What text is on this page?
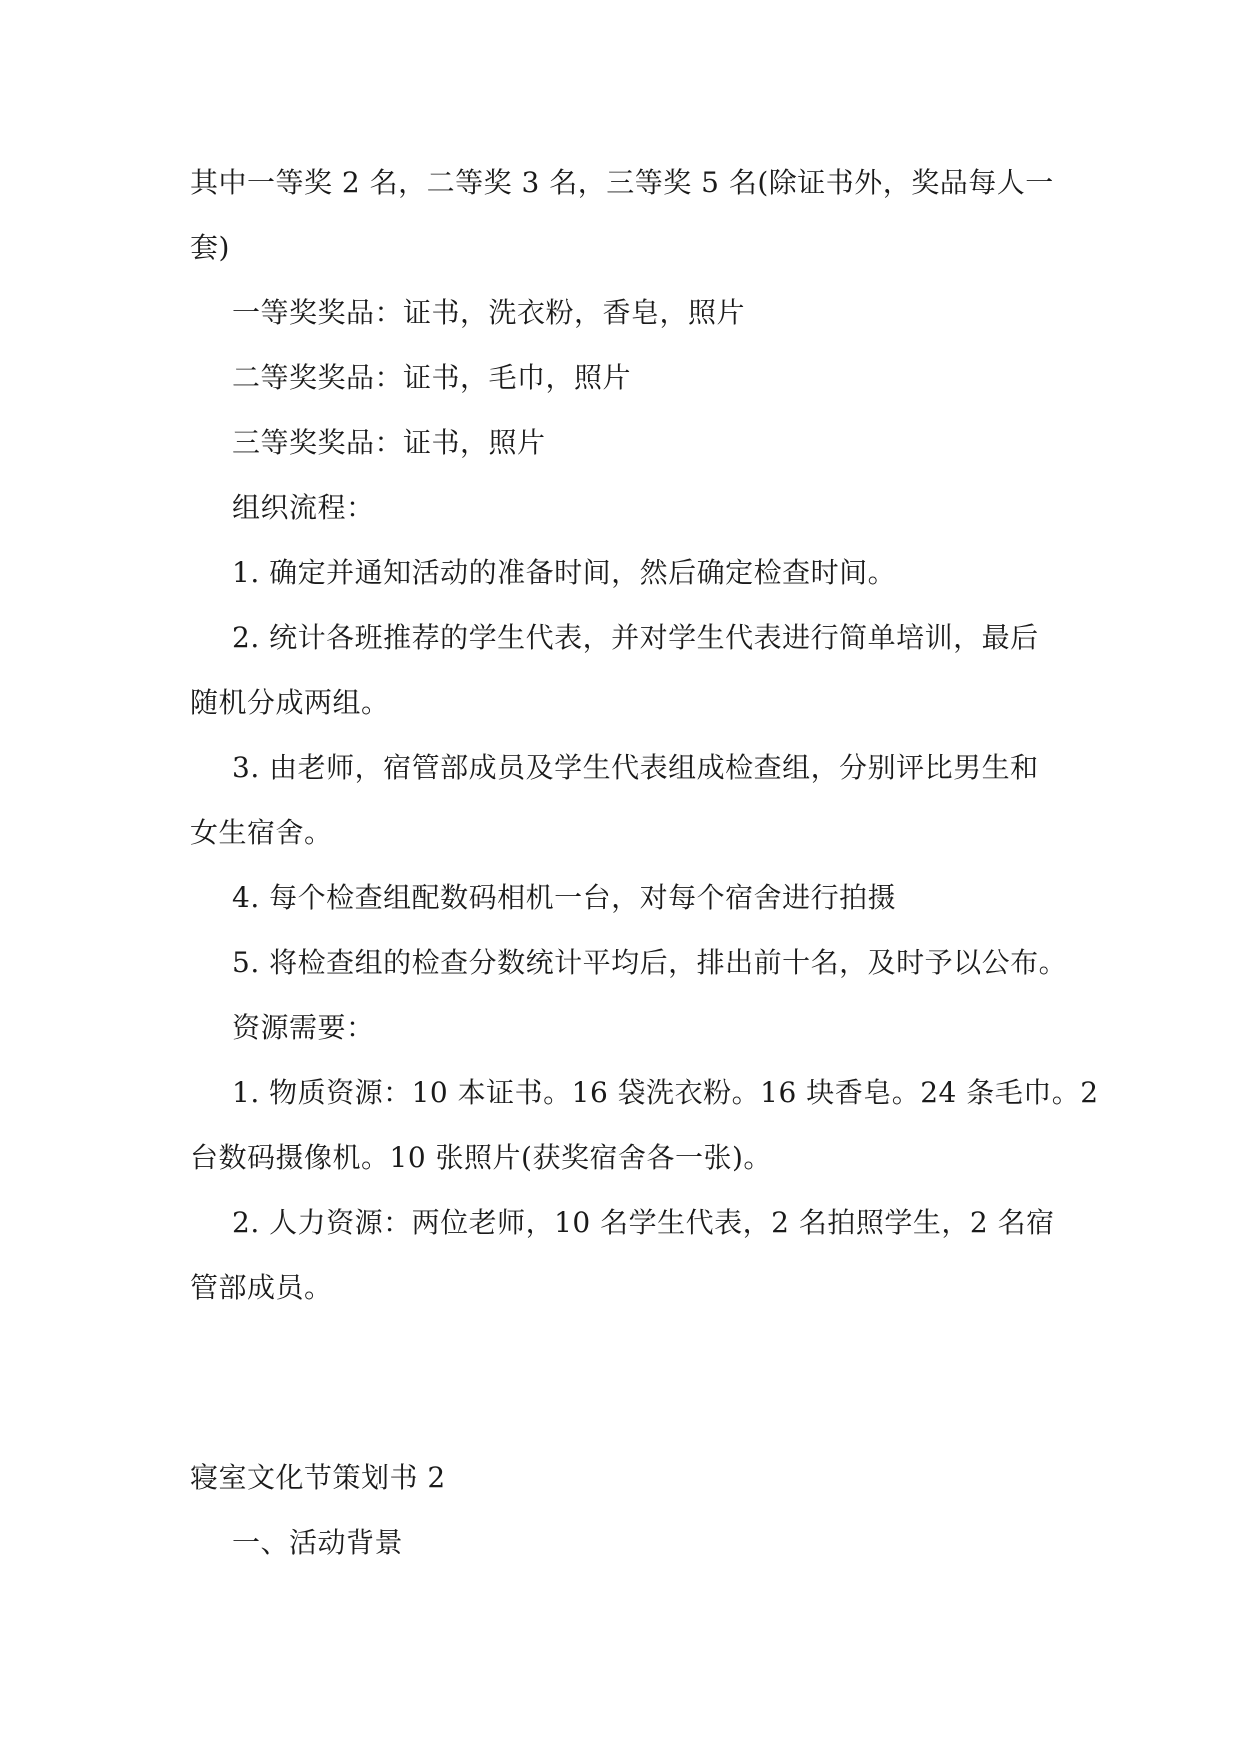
其中一等奖 2 名，二等奖 3 名，三等奖 5 名(除证书外，奖品每人一
套)
一等奖奖品：证书，洗衣粉，香皂，照片
二等奖奖品：证书，毛巾，照片
三等奖奖品：证书，照片
组织流程：
1. 确定并通知活动的准备时间，然后确定检查时间。
2. 统计各班推荐的学生代表，并对学生代表进行简单培训，最后
随机分成两组。
3. 由老师，宿管部成员及学生代表组成检查组，分别评比男生和
女生宿舍。
4. 每个检查组配数码相机一台，对每个宿舍进行拍摄
5. 将检查组的检查分数统计平均后，排出前十名，及时予以公布。
资源需要：
1. 物质资源：10 本证书。16 袋洗衣粉。16 块香皂。24 条毛巾。2
台数码摄像机。10 张照片(获奖宿舍各一张)。
2. 人力资源：两位老师，10 名学生代表，2 名拍照学生，2 名宿
管部成员。
寝室文化节策划书 2
一、活动背景
